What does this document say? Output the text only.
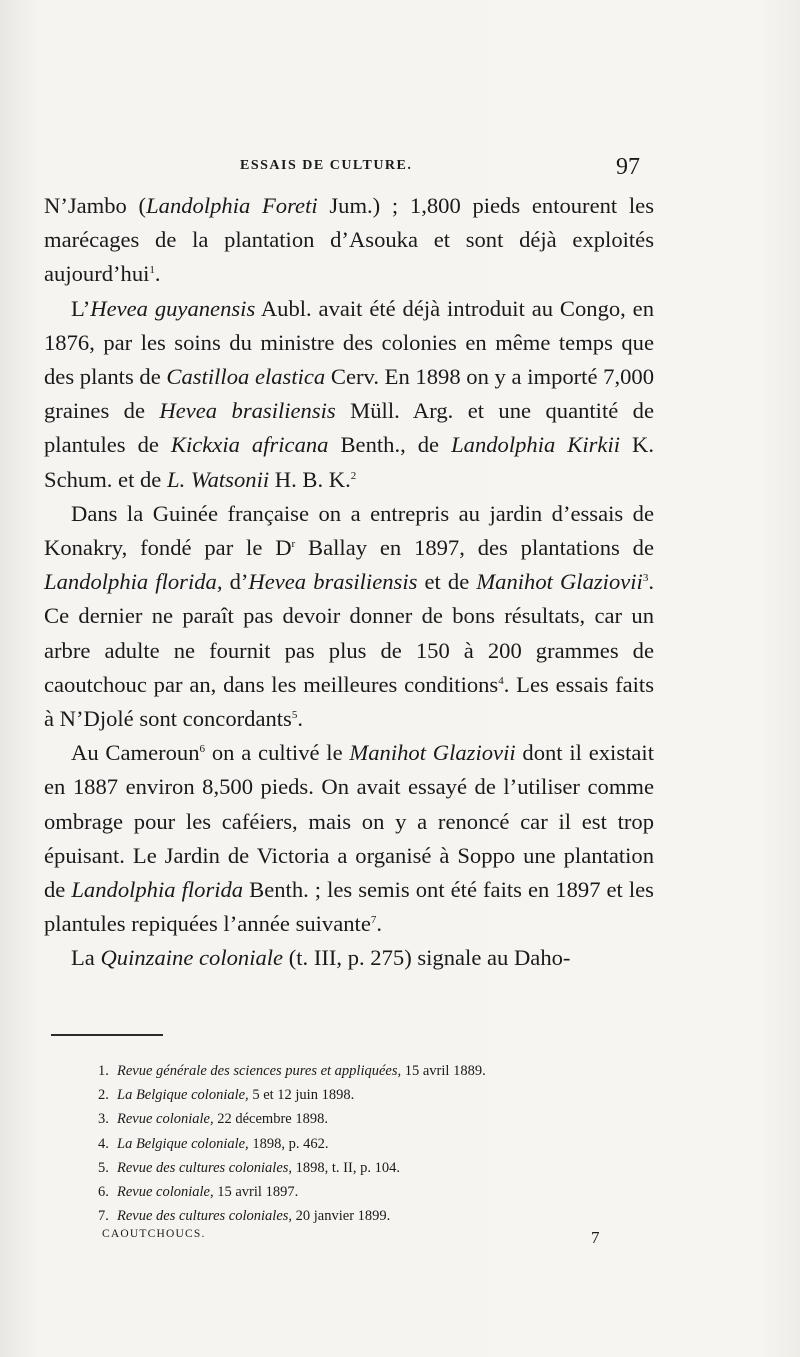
ESSAIS DE CULTURE.	97

N’Jambo (Landolphia Foreti Jum.) ; 1,800 pieds entourent les marécages de la plantation d’Asouka et sont déjà exploités aujourd’hui$^1$.

L’Hevea guyanensis Aubl. avait été déjà introduit au Congo, en 1876, par les soins du ministre des colonies en même temps que des plants de Castilloa elastica Cerv. En 1898 on y a importé 7,000 graines de Hevea brasiliensis Müll. Arg. et une quantité de plantules de Kickxia africana Benth., de Landolphia Kirkii K. Schum. et de L. Watsonii H. B. K.$^2$

Dans la Guinée française on a entrepris au jardin d’essais de Konakry, fondé par le $D^r$ Ballay en 1897, des plantations de Landolphia florida, d’Hevea brasiliensis et de Manihot Glaziovii$^3$. Ce dernier ne paraît pas devoir donner de bons résultats, car un arbre adulte ne fournit pas plus de 150 à 200 grammes de caoutchouc par an, dans les meilleures conditions$^4$. Les essais faits à N’Djolé sont concordants$^5$.

Au Cameroun$^6$ on a cultivé le Manihot Glaziovii dont il existait en 1887 environ 8,500 pieds. On avait essayé de l’utiliser comme ombrage pour les caféiers, mais on y a renoncé car il est trop épuisant. Le Jardin de Victoria a organisé à Soppo une plantation de Landolphia florida Benth. ; les semis ont été faits en 1897 et les plantules repiquées l’année suivante$^7$.

La Quinzaine coloniale (t. III, p. 275) signale au Daho-

1. Revue générale des sciences pures et appliquées, 15 avril 1889.
2. La Belgique coloniale, 5 et 12 juin 1898.
3. Revue coloniale, 22 décembre 1898.
4. La Belgique coloniale, 1898, p. 462.
5. Revue des cultures coloniales, 1898, t. II, p. 104.
6. Revue coloniale, 15 avril 1897.
7. Revue des cultures coloniales, 20 janvier 1899.
CAOUTCHOUCS.	7
